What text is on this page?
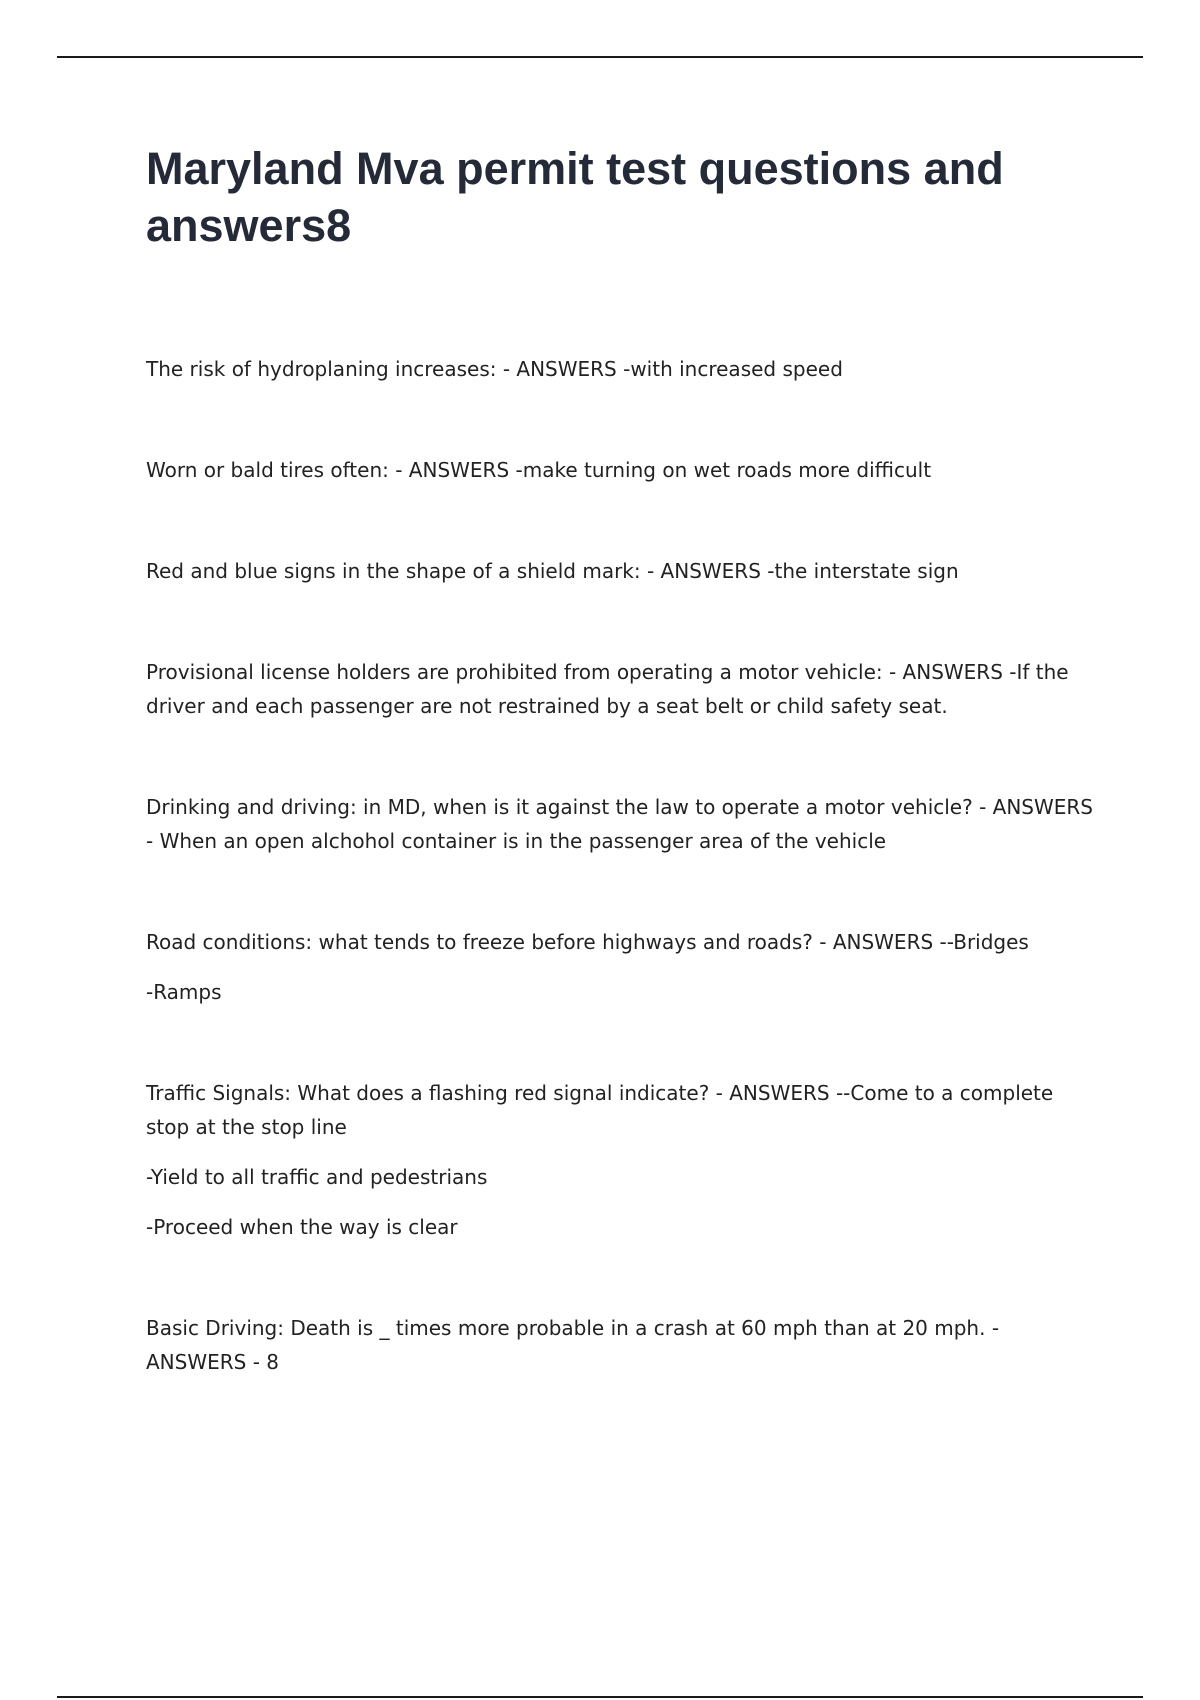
Maryland Mva permit test questions and answers8

The risk of hydroplaning increases: - ANSWERS -with increased speed

Worn or bald tires often: - ANSWERS -make turning on wet roads more difficult

Red and blue signs in the shape of a shield mark: - ANSWERS -the interstate sign

Provisional license holders are prohibited from operating a motor vehicle: - ANSWERS -If the driver and each passenger are not restrained by a seat belt or child safety seat.

Drinking and driving: in MD, when is it against the law to operate a motor vehicle? - ANSWERS - When an open alchohol container is in the passenger area of the vehicle

Road conditions: what tends to freeze before highways and roads? - ANSWERS --Bridges

-Ramps

Traffic Signals: What does a flashing red signal indicate? - ANSWERS --Come to a complete stop at the stop line

-Yield to all traffic and pedestrians

-Proceed when the way is clear

Basic Driving: Death is _ times more probable in a crash at 60 mph than at 20 mph. - ANSWERS - 8
